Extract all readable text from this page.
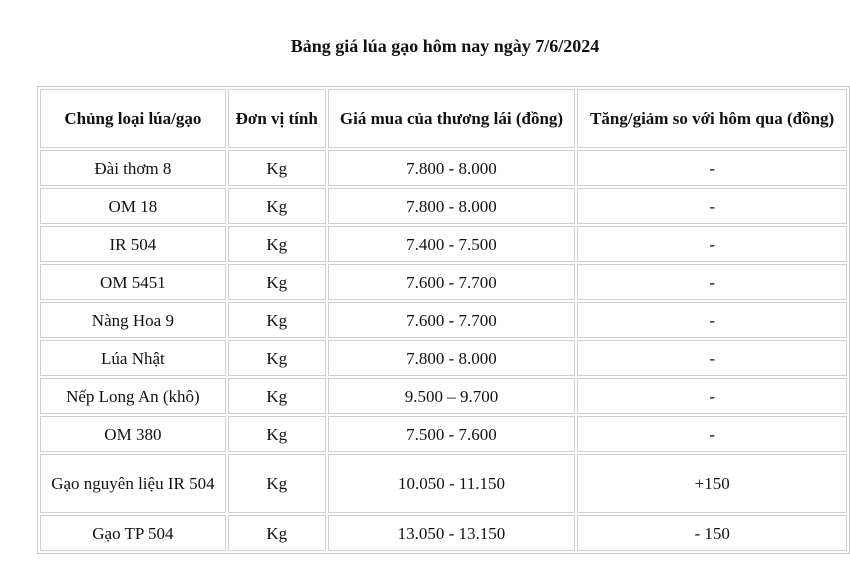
Bảng giá lúa gạo hôm nay ngày 7/6/2024
Chủng loại lúa/gạo	Đơn vị tính	Giá mua của thương lái (đồng)	Tăng/giảm so với hôm qua (đồng)
Đài thơm 8	Kg	7.800 - 8.000	-
OM 18	Kg	7.800 - 8.000	-
IR 504	Kg	7.400 - 7.500	-
OM 5451	Kg	7.600 - 7.700	-
Nàng Hoa 9	Kg	7.600 - 7.700	-
Lúa Nhật	Kg	7.800 - 8.000	-
Nếp Long An (khô)	Kg	9.500 – 9.700	-
OM 380	Kg	7.500 - 7.600	-
Gạo nguyên liệu IR 504	Kg	10.050 - 11.150	+150
Gạo TP 504	Kg	13.050 - 13.150	- 150
